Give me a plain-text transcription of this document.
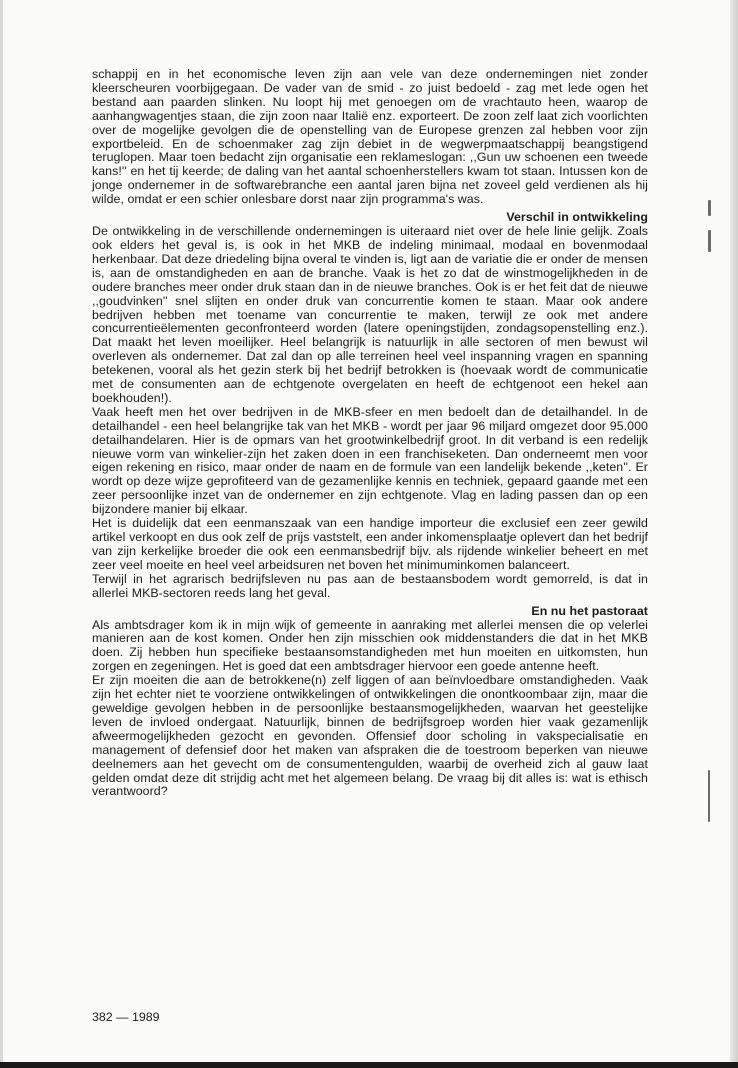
schappij en in het economische leven zijn aan vele van deze ondernemingen niet zonder kleerscheuren voorbijgegaan. De vader van de smid - zo juist bedoeld - zag met lede ogen het bestand aan paarden slinken. Nu loopt hij met genoegen om de vrachtauto heen, waarop de aanhangwagentjes staan, die zijn zoon naar Italië enz. exporteert. De zoon zelf laat zich voorlichten over de mogelijke gevolgen die de openstelling van de Europese grenzen zal hebben voor zijn exportbeleid. En de schoenmaker zag zijn debiet in de wegwerpmaatschappij beangstigend teruglopen. Maar toen bedacht zijn organisatie een reklameslogan: ,,Gun uw schoenen een tweede kans!'' en het tij keerde; de daling van het aantal schoenherstellers kwam tot staan. Intussen kon de jonge ondernemer in de softwarebranche een aantal jaren bijna net zoveel geld verdienen als hij wilde, omdat er een schier onlesbare dorst naar zijn programma's was.

Verschil in ontwikkeling

De ontwikkeling in de verschillende ondernemingen is uiteraard niet over de hele linie gelijk. Zoals ook elders het geval is, is ook in het MKB de indeling minimaal, modaal en bovenmodaal herkenbaar. Dat deze driedeling bijna overal te vinden is, ligt aan de variatie die er onder de mensen is, aan de omstandigheden en aan de branche. Vaak is het zo dat de winstmogelijkheden in de oudere branches meer onder druk staan dan in de nieuwe branches. Ook is er het feit dat de nieuwe ,,goudvinken'' snel slijten en onder druk van concurrentie komen te staan. Maar ook andere bedrijven hebben met toename van concurrentie te maken, terwijl ze ook met andere concurrentieëlementen geconfronteerd worden (latere openingstijden, zondagsopenstelling enz.). Dat maakt het leven moeilijker. Heel belangrijk is natuurlijk in alle sectoren of men bewust wil overleven als ondernemer. Dat zal dan op alle terreinen heel veel inspanning vragen en spanning betekenen, vooral als het gezin sterk bij het bedrijf betrokken is (hoevaak wordt de communicatie met de consumenten aan de echtgenote overgelaten en heeft de echtgenoot een hekel aan boekhouden!).

Vaak heeft men het over bedrijven in de MKB-sfeer en men bedoelt dan de detailhandel. In de detailhandel - een heel belangrijke tak van het MKB - wordt per jaar 96 miljard omgezet door 95.000 detailhandelaren. Hier is de opmars van het grootwinkelbedrijf groot. In dit verband is een redelijk nieuwe vorm van winkelier-zijn het zaken doen in een franchiseketen. Dan onderneemt men voor eigen rekening en risico, maar onder de naam en de formule van een landelijk bekende ,,keten''. Er wordt op deze wijze geprofiteerd van de gezamenlijke kennis en techniek, gepaard gaande met een zeer persoonlijke inzet van de ondernemer en zijn echtgenote. Vlag en lading passen dan op een bijzondere manier bij elkaar.

Het is duidelijk dat een eenmanszaak van een handige importeur die exclusief een zeer gewild artikel verkoopt en dus ook zelf de prijs vaststelt, een ander inkomensplaatje oplevert dan het bedrijf van zijn kerkelijke broeder die ook een eenmansbedrijf bijv. als rijdende winkelier beheert en met zeer veel moeite en heel veel arbeidsuren net boven het minimuminkomen balanceert.

Terwijl in het agrarisch bedrijfsleven nu pas aan de bestaansbodem wordt gemorreld, is dat in allerlei MKB-sectoren reeds lang het geval.

En nu het pastoraat

Als ambtsdrager kom ik in mijn wijk of gemeente in aanraking met allerlei mensen die op velerlei manieren aan de kost komen. Onder hen zijn misschien ook middenstanders die dat in het MKB doen. Zij hebben hun specifieke bestaansomstandigheden met hun moeiten en uitkomsten, hun zorgen en zegeningen. Het is goed dat een ambtsdrager hiervoor een goede antenne heeft.

Er zijn moeiten die aan de betrokkene(n) zelf liggen of aan beïnvloedbare omstandigheden. Vaak zijn het echter niet te voorziene ontwikkelingen of ontwikkelingen die onontkoombaar zijn, maar die geweldige gevolgen hebben in de persoonlijke bestaansmogelijkheden, waarvan het geestelijke leven de invloed ondergaat. Natuurlijk, binnen de bedrijfsgroep worden hier vaak gezamenlijk afweermogelijkheden gezocht en gevonden. Offensief door scholing in vakspecialisatie en management of defensief door het maken van afspraken die de toestroom beperken van nieuwe deelnemers aan het gevecht om de consumentengulden, waarbij de overheid zich al gauw laat gelden omdat deze dit strijdig acht met het algemeen belang. De vraag bij dit alles is: wat is ethisch verantwoord?

382 — 1989
